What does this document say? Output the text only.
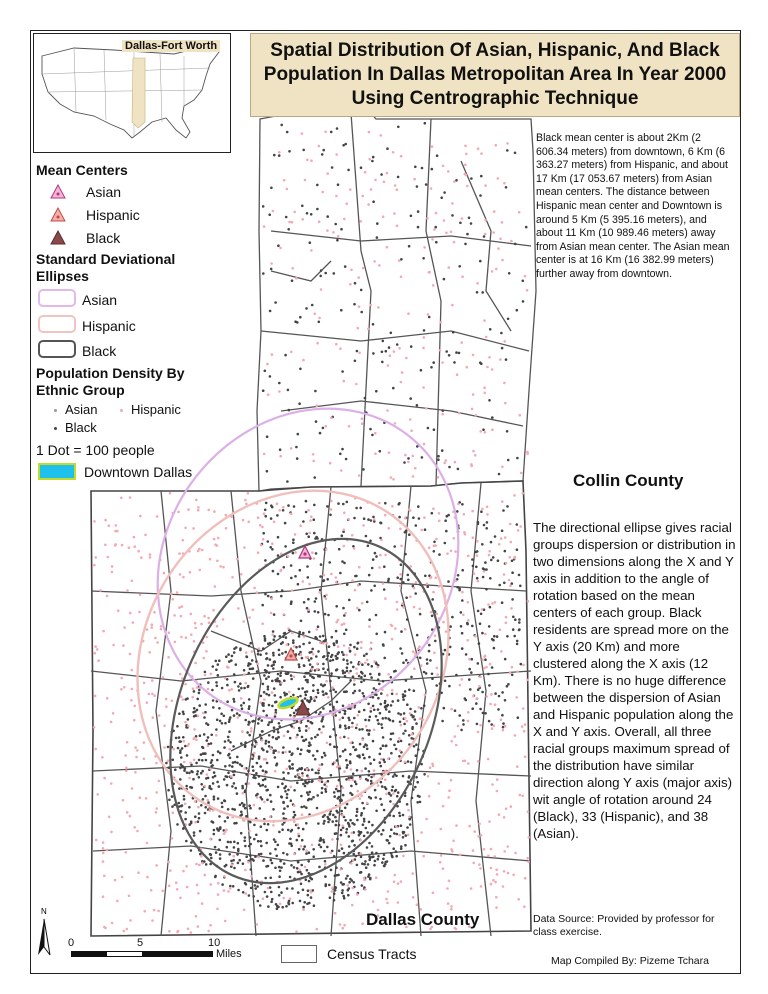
Spatial Distribution Of Asian, Hispanic, And Black Population In Dallas Metropolitan Area In Year 2000 Using Centrographic Technique
Dallas-Fort Worth
Mean Centers
Asian
Hispanic
Black
Standard Deviational Ellipses
Asian
Hispanic
Black
Population Density By Ethnic Group
Asian	Hispanic
Black
1 Dot = 100 people
Downtown Dallas
Black mean center is about 2Km (2 606.34 meters) from downtown, 6 Km (6 363.27 meters) from Hispanic, and about 17 Km (17 053.67 meters) from Asian mean centers. The distance between Hispanic mean center and Downtown is around 5 Km (5 395.16 meters), and about 11 Km (10 989.46 meters) away from Asian mean center. The Asian mean center is at 16 Km (16 382.99 meters) further away from downtown.
Collin County
The directional ellipse gives racial groups dispersion or distribution in two dimensions along the X and Y axis in addition to the angle of rotation based on the mean centers of each group. Black residents are spread more on the Y axis (20 Km) and more clustered along the X axis (12 Km). There is no huge difference between the dispersion of Asian and Hispanic population along the X and Y axis. Overall, all three racial groups maximum spread of the distribution have similar direction along Y axis (major axis) wit angle of rotation around 24 (Black), 33 (Hispanic), and 38 (Asian).
Dallas County	Data Source: Provided by professor for class exercise.
Map Compiled By: Pizeme Tchara
N
0	5	10
Miles	Census Tracts
